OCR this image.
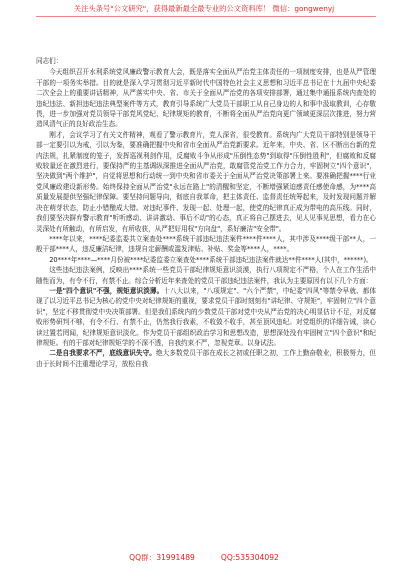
关注头条号"公文研究"，获得最新最全最专业的公文资料库！ 微信：gongwenyj

同志们：

今天组织召开水利系统党风廉政警示教育大会，既是落实全面从严治党主体责任的一项制度安排，也是从严管理干部的一项务实举措。目的就是深入学习贯彻习近平新时代中国特色社会主义思想和习近平总书记在十九届中央纪委二次全会上的重要讲话精神，从严落实中央、省、市关于全面从严治党的各项安排部署，通过集中通报系统内查处的违纪违法、新担违纪违法典型案件等方式，教育引导系统广大党员干部职工从自己身边的人和事中汲取教训，心存敬畏，进一步加强对党员领导干部党风党纪、纪律规矩的教育，不断将全面从严治党向更广领域更深层次推进，努力营造风清气正的良好政治生态。

刚才，会议学习了有关文件精神，观看了警示教育片，党人深省，很受教育。系统内广大党员干部特别是领导干部一定要引以为戒，引以为鉴，要准确把握中央和省市全面从严治党新要求。近年来，中央、省、区不断出台新的党内法规，扎紧制度的笼子，发挥巡视利剑作用，反腐败斗争从形成"压倒性态势"到取得"压倒性胜利"，但腐败和反腐败较量还在激烈进行，要保持严的主基调纵深推进全面从严治党，敢腐管党治党工作力合力，牢固树立"四个意识"，坚决做到"两个维护"，自觉将思想和行动统一到中央和省市委关于全面从严治党决策部署上来。要准确把握****行业党风廉政建设新形势。始终保持全面从严治党"永远在路上"的清醒和坚定，不断增强紧迫感责任感使命感，为****高质量发展提供坚强纪律保障。要坚持问题导向，彻底自我革命，把主体责任、监督责任统筹起来，及时发现问题并解决在萌芽状态，防止小错酿成大错。对违纪事件、发现一起、处理一起，使党的纪律真正成为带电的高压线。同时，我们要坚决摒弃警示教育"听听感动、讲讲激动、事后不动"的心态，真正将自己摆进去，见人见事见思想，看力在心灵深处有所触动，有所启发，有所收获，从严把好用权"方向盘"，系好廉洁"安全带"。

****年以来，****纪委监委共立案查处****系统干部违纪违法案件****件****人，其中涉及****级干部**人，一般干部****人，违反廉洁纪律，违规自定薪酬或滥发津贴、补贴、奖金等****人，****。

20****年****—****月份被****纪委监委立案查处****系统干部违纪违法案件就达**件****人(其中，******)。

这些违纪违法案例，反映出****系统一些党员干部纪律规矩意识淡漠，执行八项规定不严格，个人在工作生活中随性而为，有令不行，有禁不止。综合分析近年来查处的党员干部违纪违法案件，我认为主要原因有以下几个方面：

一是"四个意识"不强，规矩意识淡薄。十八大以来，"八项规定"、"六个严禁"，中纪委"四风"等禁令早就、都体现了以习近平总书记为核心的党中央对纪律规矩的重视，要求党员干部时刻刻有"讲纪律、守规矩"，牢固树立"四个意识"，坚定不移贯彻党中央决策部署。但是我们系统内的少数党员干部对党中央从严治党的决心明显估计不足，对反腐败形势研判不够，有令不行、有禁不止，仍然我行我素，不收敛不收手，甚至顶风违纪。对党组织的详细告诫，读心读过置若罔闻，纪律规矩意识淡化。作为党员干部组织政治学习和思想改造，思想深处没有牢固树立"四个意识"和纪律规矩。有的干部对纪律规矩学的不深不透，自我约束不严，忽视党章。以身试法。

二是自我要求不严，底线意识失守。绝大多数党员干部在成长之初或任职之初，工作上勤奋敬业，积极努力，但由于长时间不注重理论学习，放松自我

QQ群：31991489	QQ:535304092
